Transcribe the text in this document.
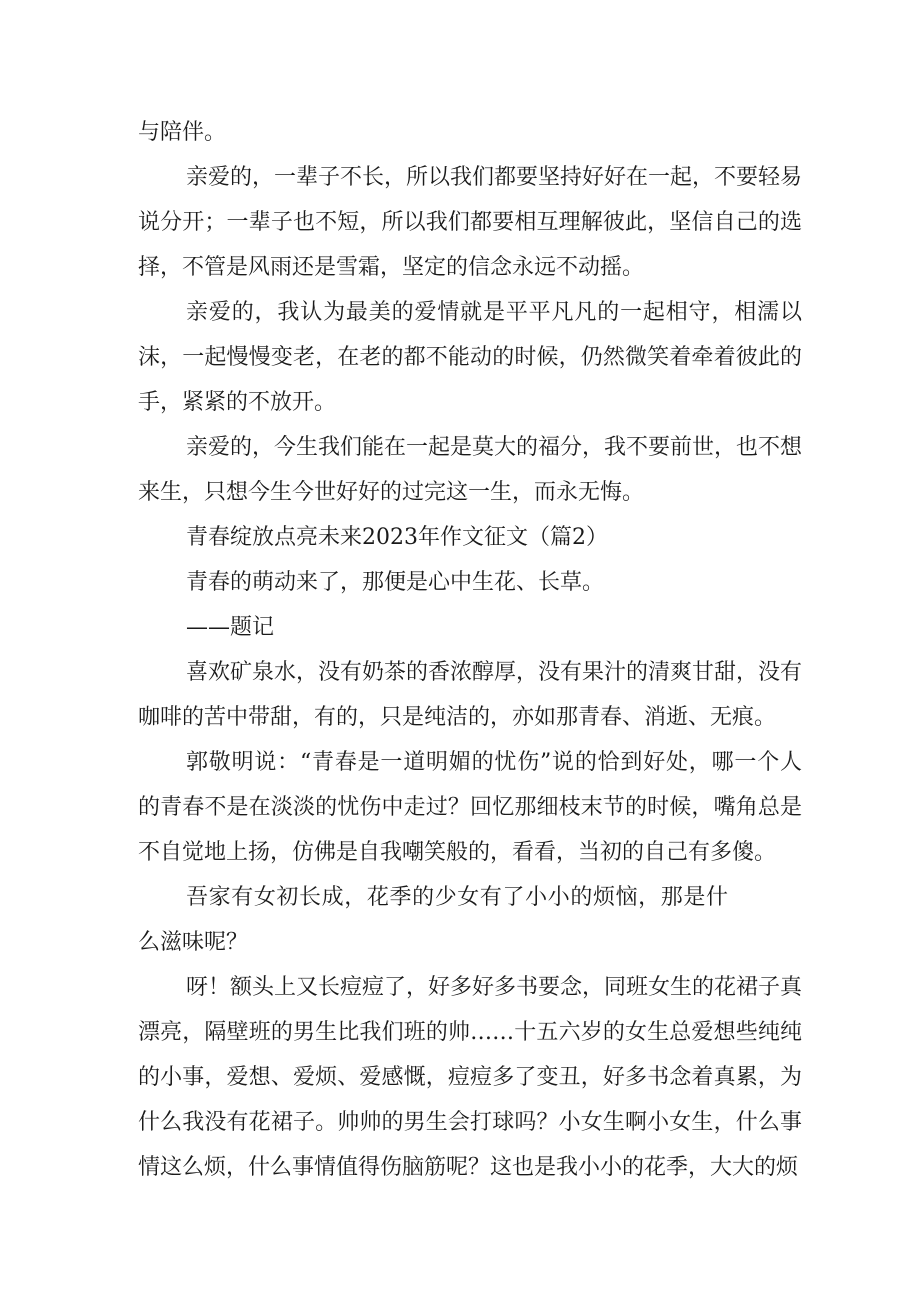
与陪伴。

亲爱的，一辈子不长，所以我们都要坚持好好在一起，不要轻易说分开；一辈子也不短，所以我们都要相互理解彼此，坚信自己的选择，不管是风雨还是雪霜，坚定的信念永远不动摇。

亲爱的，我认为最美的爱情就是平平凡凡的一起相守，相濡以沫，一起慢慢变老，在老的都不能动的时候，仍然微笑着牵着彼此的手，紧紧的不放开。

亲爱的，今生我们能在一起是莫大的福分，我不要前世，也不想来生，只想今生今世好好的过完这一生，而永无悔。

青春绽放点亮未来2023年作文征文（篇2）

青春的萌动来了，那便是心中生花、长草。

——题记

喜欢矿泉水，没有奶茶的香浓醇厚，没有果汁的清爽甘甜，没有咖啡的苦中带甜，有的，只是纯洁的，亦如那青春、消逝、无痕。

郭敬明说：“青春是一道明媚的忧伤”说的恰到好处，哪一个人的青春不是在淡淡的忧伤中走过？回忆那细枝末节的时候，嘴角总是不自觉地上扬，仿佛是自我嘲笑般的，看看，当初的自己有多傻。

吾家有女初长成，花季的少女有了小小的烦恼，那是什么滋味呢？

呀！额头上又长痘痘了，好多好多书要念，同班女生的花裙子真漂亮，隔壁班的男生比我们班的帅……十五六岁的女生总爱想些纯纯的小事，爱想、爱烦、爱感慨，痘痘多了变丑，好多书念着真累，为什么我没有花裙子。帅帅的男生会打球吗？小女生啊小女生，什么事情这么烦，什么事情值得伤脑筋呢？这也是我小小的花季，大大的烦
